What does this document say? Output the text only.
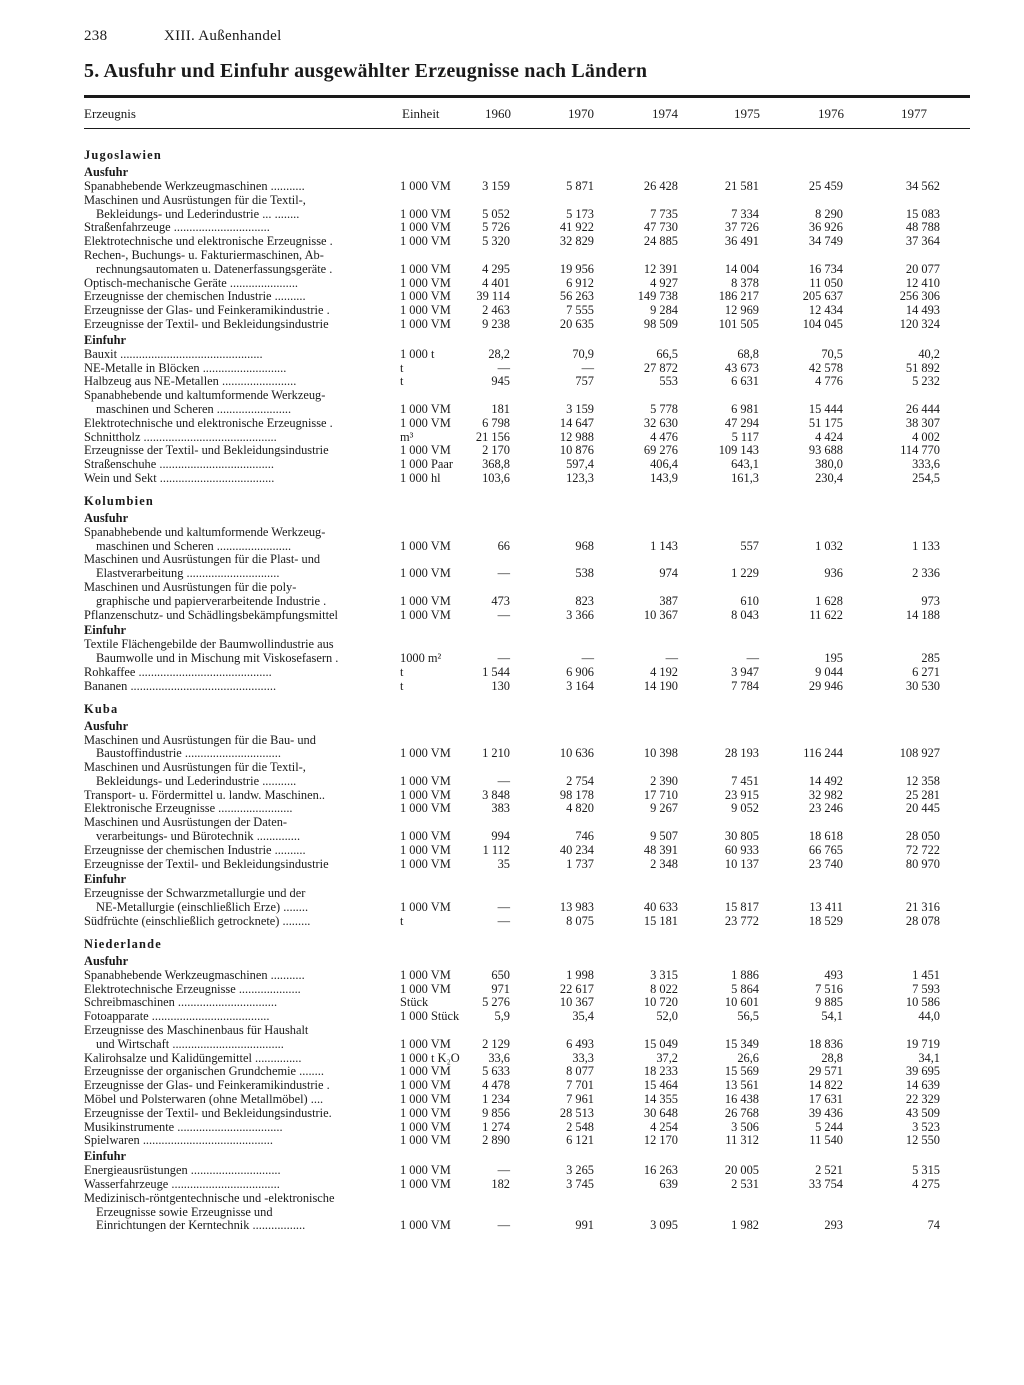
238	XIII. Außenhandel
5. Ausfuhr und Einfuhr ausgewählter Erzeugnisse nach Ländern
Erzeugnis	Einheit	1960	1970	1974	1975	1976	1977
Jugoslawien
Ausfuhr
Spanabhebende Werkzeugmaschinen ...........	1 000 VM	3 159	5 871	26 428	21 581	25 459	34 562
Maschinen und Ausrüstungen für die Textil-,
Bekleidungs- und Lederindustrie ... ........	1 000 VM	5 052	5 173	7 735	7 334	8 290	15 083
Straßenfahrzeuge ...............................	1 000 VM	5 726	41 922	47 730	37 726	36 926	48 788
Elektrotechnische und elektronische Erzeugnisse .	1 000 VM	5 320	32 829	24 885	36 491	34 749	37 364
Rechen-, Buchungs- u. Fakturiermaschinen, Ab-
rechnungsautomaten u. Datenerfassungsgeräte .	1 000 VM	4 295	19 956	12 391	14 004	16 734	20 077
Optisch-mechanische Geräte ......................	1 000 VM	4 401	6 912	4 927	8 378	11 050	12 410
Erzeugnisse der chemischen Industrie ..........	1 000 VM	39 114	56 263	149 738	186 217	205 637	256 306
Erzeugnisse der Glas- und Feinkeramikindustrie .	1 000 VM	2 463	7 555	9 284	12 969	12 434	14 493
Erzeugnisse der Textil- und Bekleidungsindustrie	1 000 VM	9 238	20 635	98 509	101 505	104 045	120 324
Einfuhr
Bauxit ..............................................	1 000 t	28,2	70,9	66,5	68,8	70,5	40,2
NE-Metalle in Blöcken ...........................	t	—	—	27 872	43 673	42 578	51 892
Halbzeug aus NE-Metallen ........................	t	945	757	553	6 631	4 776	5 232
Spanabhebende und kaltumformende Werkzeug-
maschinen und Scheren ........................	1 000 VM	181	3 159	5 778	6 981	15 444	26 444
Elektrotechnische und elektronische Erzeugnisse .	1 000 VM	6 798	14 647	32 630	47 294	51 175	38 307
Schnittholz ...........................................	m³	21 156	12 988	4 476	5 117	4 424	4 002
Erzeugnisse der Textil- und Bekleidungsindustrie	1 000 VM	2 170	10 876	69 276	109 143	93 688	114 770
Straßenschuhe .....................................	1 000 Paar	368,8	597,4	406,4	643,1	380,0	333,6
Wein und Sekt .....................................	1 000 hl	103,6	123,3	143,9	161,3	230,4	254,5
Kolumbien
Ausfuhr
Spanabhebende und kaltumformende Werkzeug-
maschinen und Scheren ........................	1 000 VM	66	968	1 143	557	1 032	1 133
Maschinen und Ausrüstungen für die Plast- und
Elastverarbeitung ..............................	1 000 VM	—	538	974	1 229	936	2 336
Maschinen und Ausrüstungen für die poly-
graphische und papierverarbeitende Industrie .	1 000 VM	473	823	387	610	1 628	973
Pflanzenschutz- und Schädlingsbekämpfungsmittel	1 000 VM	—	3 366	10 367	8 043	11 622	14 188
Einfuhr
Textile Flächengebilde der Baumwollindustrie aus
Baumwolle und in Mischung mit Viskosefasern .	1000 m²	—	—	—	—	195	285
Rohkaffee ...........................................	t	1 544	6 906	4 192	3 947	9 044	6 271
Bananen ...............................................	t	130	3 164	14 190	7 784	29 946	30 530
Kuba
Ausfuhr
Maschinen und Ausrüstungen für die Bau- und
Baustoffindustrie ...............................	1 000 VM	1 210	10 636	10 398	28 193	116 244	108 927
Maschinen und Ausrüstungen für die Textil-,
Bekleidungs- und Lederindustrie ...........	1 000 VM	—	2 754	2 390	7 451	14 492	12 358
Transport- u. Fördermittel u. landw. Maschinen..	1 000 VM	3 848	98 178	17 710	23 915	32 982	25 281
Elektronische Erzeugnisse ........................	1 000 VM	383	4 820	9 267	9 052	23 246	20 445
Maschinen und Ausrüstungen der Daten-
verarbeitungs- und Bürotechnik ..............	1 000 VM	994	746	9 507	30 805	18 618	28 050
Erzeugnisse der chemischen Industrie ..........	1 000 VM	1 112	40 234	48 391	60 933	66 765	72 722
Erzeugnisse der Textil- und Bekleidungsindustrie	1 000 VM	35	1 737	2 348	10 137	23 740	80 970
Einfuhr
Erzeugnisse der Schwarzmetallurgie und der
NE-Metallurgie (einschließlich Erze) ........	1 000 VM	—	13 983	40 633	15 817	13 411	21 316
Südfrüchte (einschließlich getrocknete) .........	t	—	8 075	15 181	23 772	18 529	28 078
Niederlande
Ausfuhr
Spanabhebende Werkzeugmaschinen ...........	1 000 VM	650	1 998	3 315	1 886	493	1 451
Elektrotechnische Erzeugnisse ....................	1 000 VM	971	22 617	8 022	5 864	7 516	7 593
Schreibmaschinen ................................	Stück	5 276	10 367	10 720	10 601	9 885	10 586
Fotoapparate ......................................	1 000 Stück	5,9	35,4	52,0	56,5	54,1	44,0
Erzeugnisse des Maschinenbaus für Haushalt
und Wirtschaft ....................................	1 000 VM	2 129	6 493	15 049	15 349	18 836	19 719
Kalirohsalze und Kalidüngemittel ...............	1 000 t K₂O	33,6	33,3	37,2	26,6	28,8	34,1
Erzeugnisse der organischen Grundchemie ........	1 000 VM	5 633	8 077	18 233	15 569	29 571	39 695
Erzeugnisse der Glas- und Feinkeramikindustrie .	1 000 VM	4 478	7 701	15 464	13 561	14 822	14 639
Möbel und Polsterwaren (ohne Metallmöbel) ....	1 000 VM	1 234	7 961	14 355	16 438	17 631	22 329
Erzeugnisse der Textil- und Bekleidungsindustrie.	1 000 VM	9 856	28 513	30 648	26 768	39 436	43 509
Musikinstrumente ..................................	1 000 VM	1 274	2 548	4 254	3 506	5 244	3 523
Spielwaren ..........................................	1 000 VM	2 890	6 121	12 170	11 312	11 540	12 550
Einfuhr
Energieausrüstungen .............................	1 000 VM	—	3 265	16 263	20 005	2 521	5 315
Wasserfahrzeuge ...................................	1 000 VM	182	3 745	639	2 531	33 754	4 275
Medizinisch-röntgentechnische und -elektronische
Erzeugnisse sowie Erzeugnisse und
Einrichtungen der Kerntechnik .................	1 000 VM	—	991	3 095	1 982	293	74
